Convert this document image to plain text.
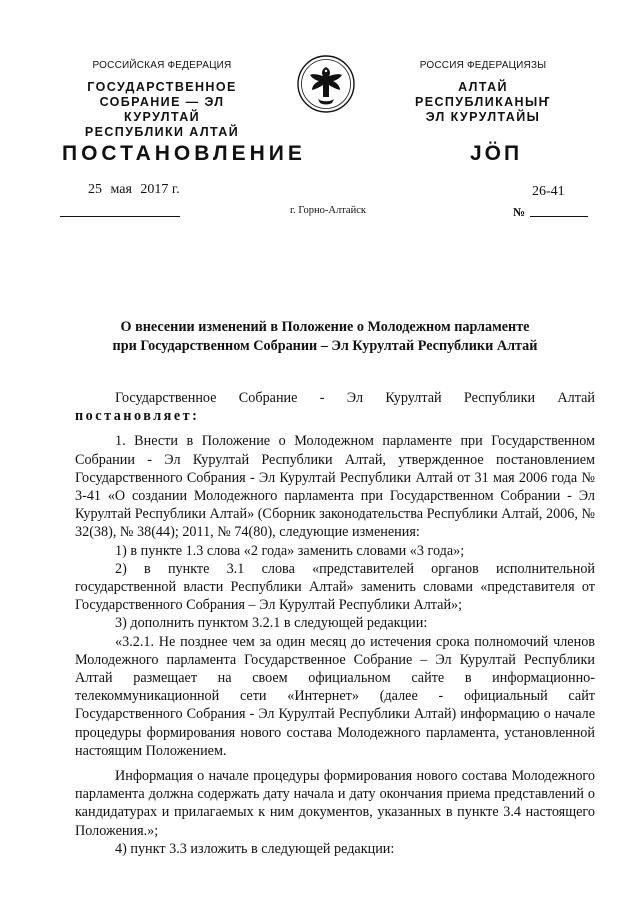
РОССИЙСКАЯ ФЕДЕРАЦИЯ
ГОСУДАРСТВЕННОЕ
СОБРАНИЕ — ЭЛ КУРУЛТАЙ
РЕСПУБЛИКИ АЛТАЙ
РОССИЯ ФЕДЕРАЦИЯЗЫ
АЛТАЙ РЕСПУБЛИКАНЫҤ
ЭЛ КУРУЛТАЙЫ
ПОСТАНОВЛЕНИЕ	ЈӦП
25 мая 2017 г.	26-41
г. Горно-Алтайск	№
О внесении изменений в Положение о Молодежном парламенте
при Государственном Собрании – Эл Курултай Республики Алтай

Государственное Собрание - Эл Курултай Республики Алтай

постановляет:

1. Внести в Положение о Молодежном парламенте при Государственном Собрании - Эл Курултай Республики Алтай, утвержденное постановлением Государственного Собрания - Эл Курултай Республики Алтай от 31 мая 2006 года № 3-41 «О создании Молодежного парламента при Государственном Собрании - Эл Курултай Республики Алтай» (Сборник законодательства Республики Алтай, 2006, № 32(38), № 38(44); 2011, № 74(80), следующие изменения:

1) в пункте 1.3 слова «2 года» заменить словами «3 года»;

2) в пункте 3.1 слова «представителей органов исполнительной государственной власти Республики Алтай» заменить словами «представителя от Государственного Собрания – Эл Курултай Республики Алтай»;

3) дополнить пунктом 3.2.1 в следующей редакции:

«3.2.1. Не позднее чем за один месяц до истечения срока полномочий членов Молодежного парламента Государственное Собрание – Эл Курултай Республики Алтай размещает на своем официальном сайте в информационно-телекоммуникационной сети «Интернет» (далее - официальный сайт Государственного Собрания - Эл Курултай Республики Алтай) информацию о начале процедуры формирования нового состава Молодежного парламента, установленной настоящим Положением.

Информация о начале процедуры формирования нового состава Молодежного парламента должна содержать дату начала и дату окончания приема представлений о кандидатурах и прилагаемых к ним документов, указанных в пункте 3.4 настоящего Положения.»;

4) пункт 3.3 изложить в следующей редакции:
